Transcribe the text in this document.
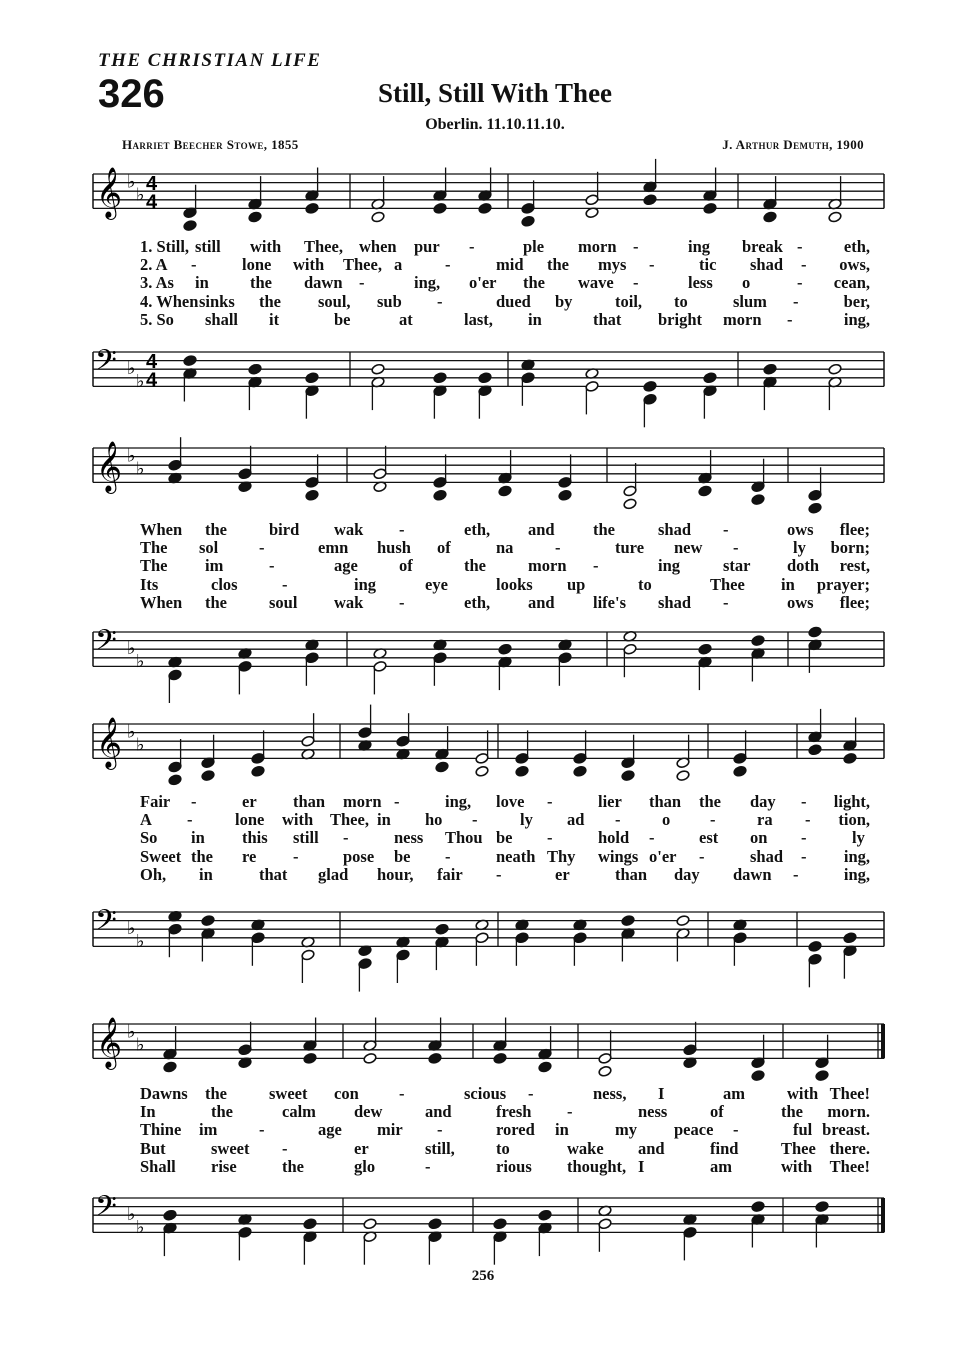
THE CHRISTIAN LIFE
326	Still, Still With Thee
Oberlin. 11.10.11.10.
Harriet Beecher Stowe, 1855	J. Arthur Demuth, 1900
𝄞 ♭
♭ 4
4
𝄢 ♭
♭
4
4
1. Still, still with Thee, when pur -	ple morn -	ing break -	eth,
2. A -	lone with Thee, a	-	mid the mys -	tic shad - ows,
3. As in the dawn -	ing, o'er the wave -	less o	- cean,
4. When sinks the soul, sub -	dued by	toil, to	slum -	ber,
5. So shall it	be	at	last, in	that bright morn -	ing,
𝄞 ♭
♭
𝄢 ♭
♭
When the	bird wak -	eth, and the	shad -	ows flee;
The sol -	emn hush of	na	-	ture new -	ly born;
The im	-	age of	the	morn -	ing	star doth rest,
Its	clos	-	ing	eye	looks up	to	Thee in prayer;
When the	soul wak -	eth, and life's shad -	ows flee;
𝄞 ♭
♭
𝄢 ♭
♭
Fair -	er than morn -	ing, love -	lier than the day - light,
A -	lone with Thee, in ho -	ly ad -	o -	ra - tion,
So in this still -	ness Thou be -	hold -	est on -	ly
Sweet the re -	pose be -	neath Thy wings o'er -	shad - ing,
Oh, in	that glad hour, fair -	er	than day dawn -	ing,
𝄞 ♭
♭
𝄢 ♭
♭
Dawns the	sweet con -	scious -	ness, I	am	with Thee!
In	the	calm dew	and	fresh -	ness	of	the morn.
Thine im	-	age mir -	rored in	my peace -	ful breast.
But	sweet -	er	still, to	wake and	find	Thee there.
Shall rise	the	glo	-	rious thought, I	am	with Thee!
256
